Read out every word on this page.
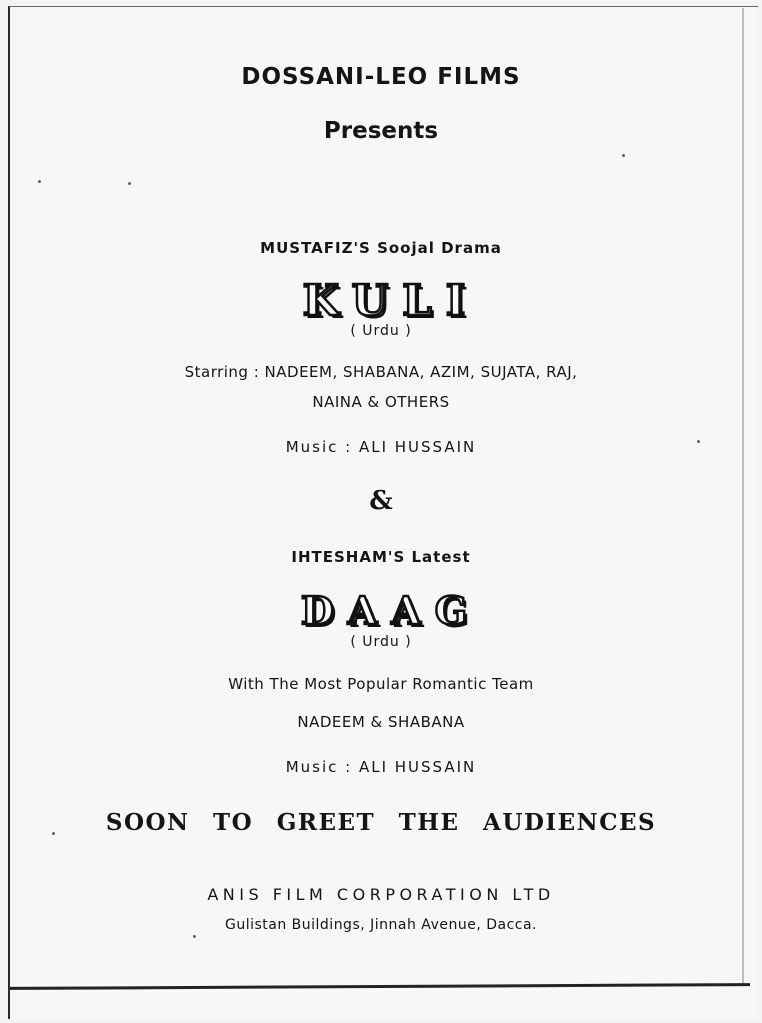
DOSSANI-LEO FILMS
Presents
MUSTAFIZ'S Soojal Drama
KULI
( Urdu )
Starring : NADEEM, SHABANA, AZIM, SUJATA, RAJ,
NAINA & OTHERS
Music : ALI HUSSAIN
&
IHTESHAM'S Latest
DAAG
( Urdu )
With The Most Popular Romantic Team
NADEEM & SHABANA
Music : ALI HUSSAIN
SOON TO GREET THE AUDIENCES
ANIS FILM CORPORATION LTD
Gulistan Buildings, Jinnah Avenue, Dacca.
